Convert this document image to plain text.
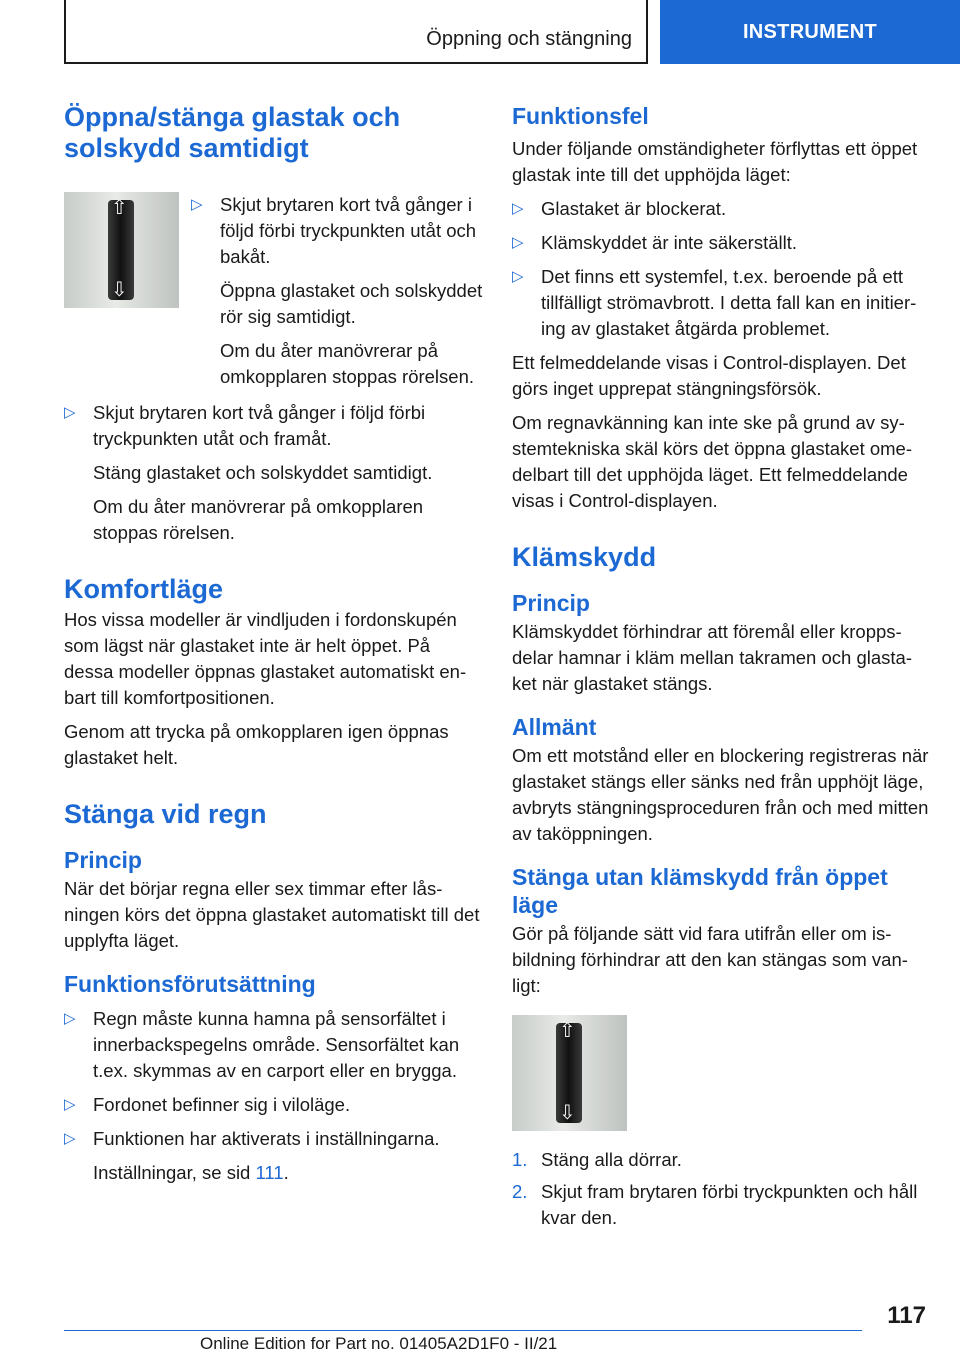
Öppning och stängning	INSTRUMENT
Öppna/stänga glastak och
solskydd samtidigt
⇧
⇩
▷ Skjut brytaren kort två gånger i följd förbi tryckpunkten utåt och bakåt.

Öppna glastaket och solskyddet rör sig samtidigt.

Om du åter manövrerar på omkopplaren stoppas rörelsen.

▷ Skjut brytaren kort två gånger i följd förbi tryckpunkten utåt och framåt.

Stäng glastaket och solskyddet samtidigt.

Om du åter manövrerar på omkopplaren stoppas rörelsen.

Komfortläge

Hos vissa modeller är vindljuden i fordonskupén som lägst när glastaket inte är helt öppet. På dessa modeller öppnas glastaket automatiskt enbart till komfortpositionen.

Genom att trycka på omkopplaren igen öppnas glastaket helt.

Stänga vid regn
Princip

När det börjar regna eller sex timmar efter låsningen körs det öppna glastaket automatiskt till det upplyfta läget.

Funktionsförutsättning
▷ Regn måste kunna hamna på sensorfältet i innerbackspegelns område. Sensorfältet kan t.ex. skymmas av en carport eller en brygga.
▷ Fordonet befinner sig i viloläge.
▷ Funktionen har aktiverats i inställningarna.

Inställningar, se sid 111.

Funktionsfel

Under följande omständigheter förflyttas ett öppet glastak inte till det upphöjda läget:

▷ Glastaket är blockerat.
▷ Klämskyddet är inte säkerställt.
▷ Det finns ett systemfel, t.ex. beroende på ett tillfälligt strömavbrott. I detta fall kan en initiering av glastaket åtgärda problemet.

Ett felmeddelande visas i Control-displayen. Det görs inget upprepat stängningsförsök.

Om regnavkänning kan inte ske på grund av systemtekniska skäl körs det öppna glastaket omedelbart till det upphöjda läget. Ett felmeddelande visas i Control-displayen.

Klämskydd
Princip

Klämskyddet förhindrar att föremål eller kroppsdelar hamnar i kläm mellan takramen och glastaket när glastaket stängs.

Allmänt

Om ett motstånd eller en blockering registreras när glastaket stängs eller sänks ned från upphöjt läge, avbryts stängningsproceduren från och med mitten av taköppningen.

Stänga utan klämskydd från öppet läge

Gör på följande sätt vid fara utifrån eller om isbildning förhindrar att den kan stängas som vanligt:

⇧
⇩
1. Stäng alla dörrar.
2. Skjut fram brytaren förbi tryckpunkten och håll kvar den.
117
Online Edition for Part no. 01405A2D1F0 - II/21
